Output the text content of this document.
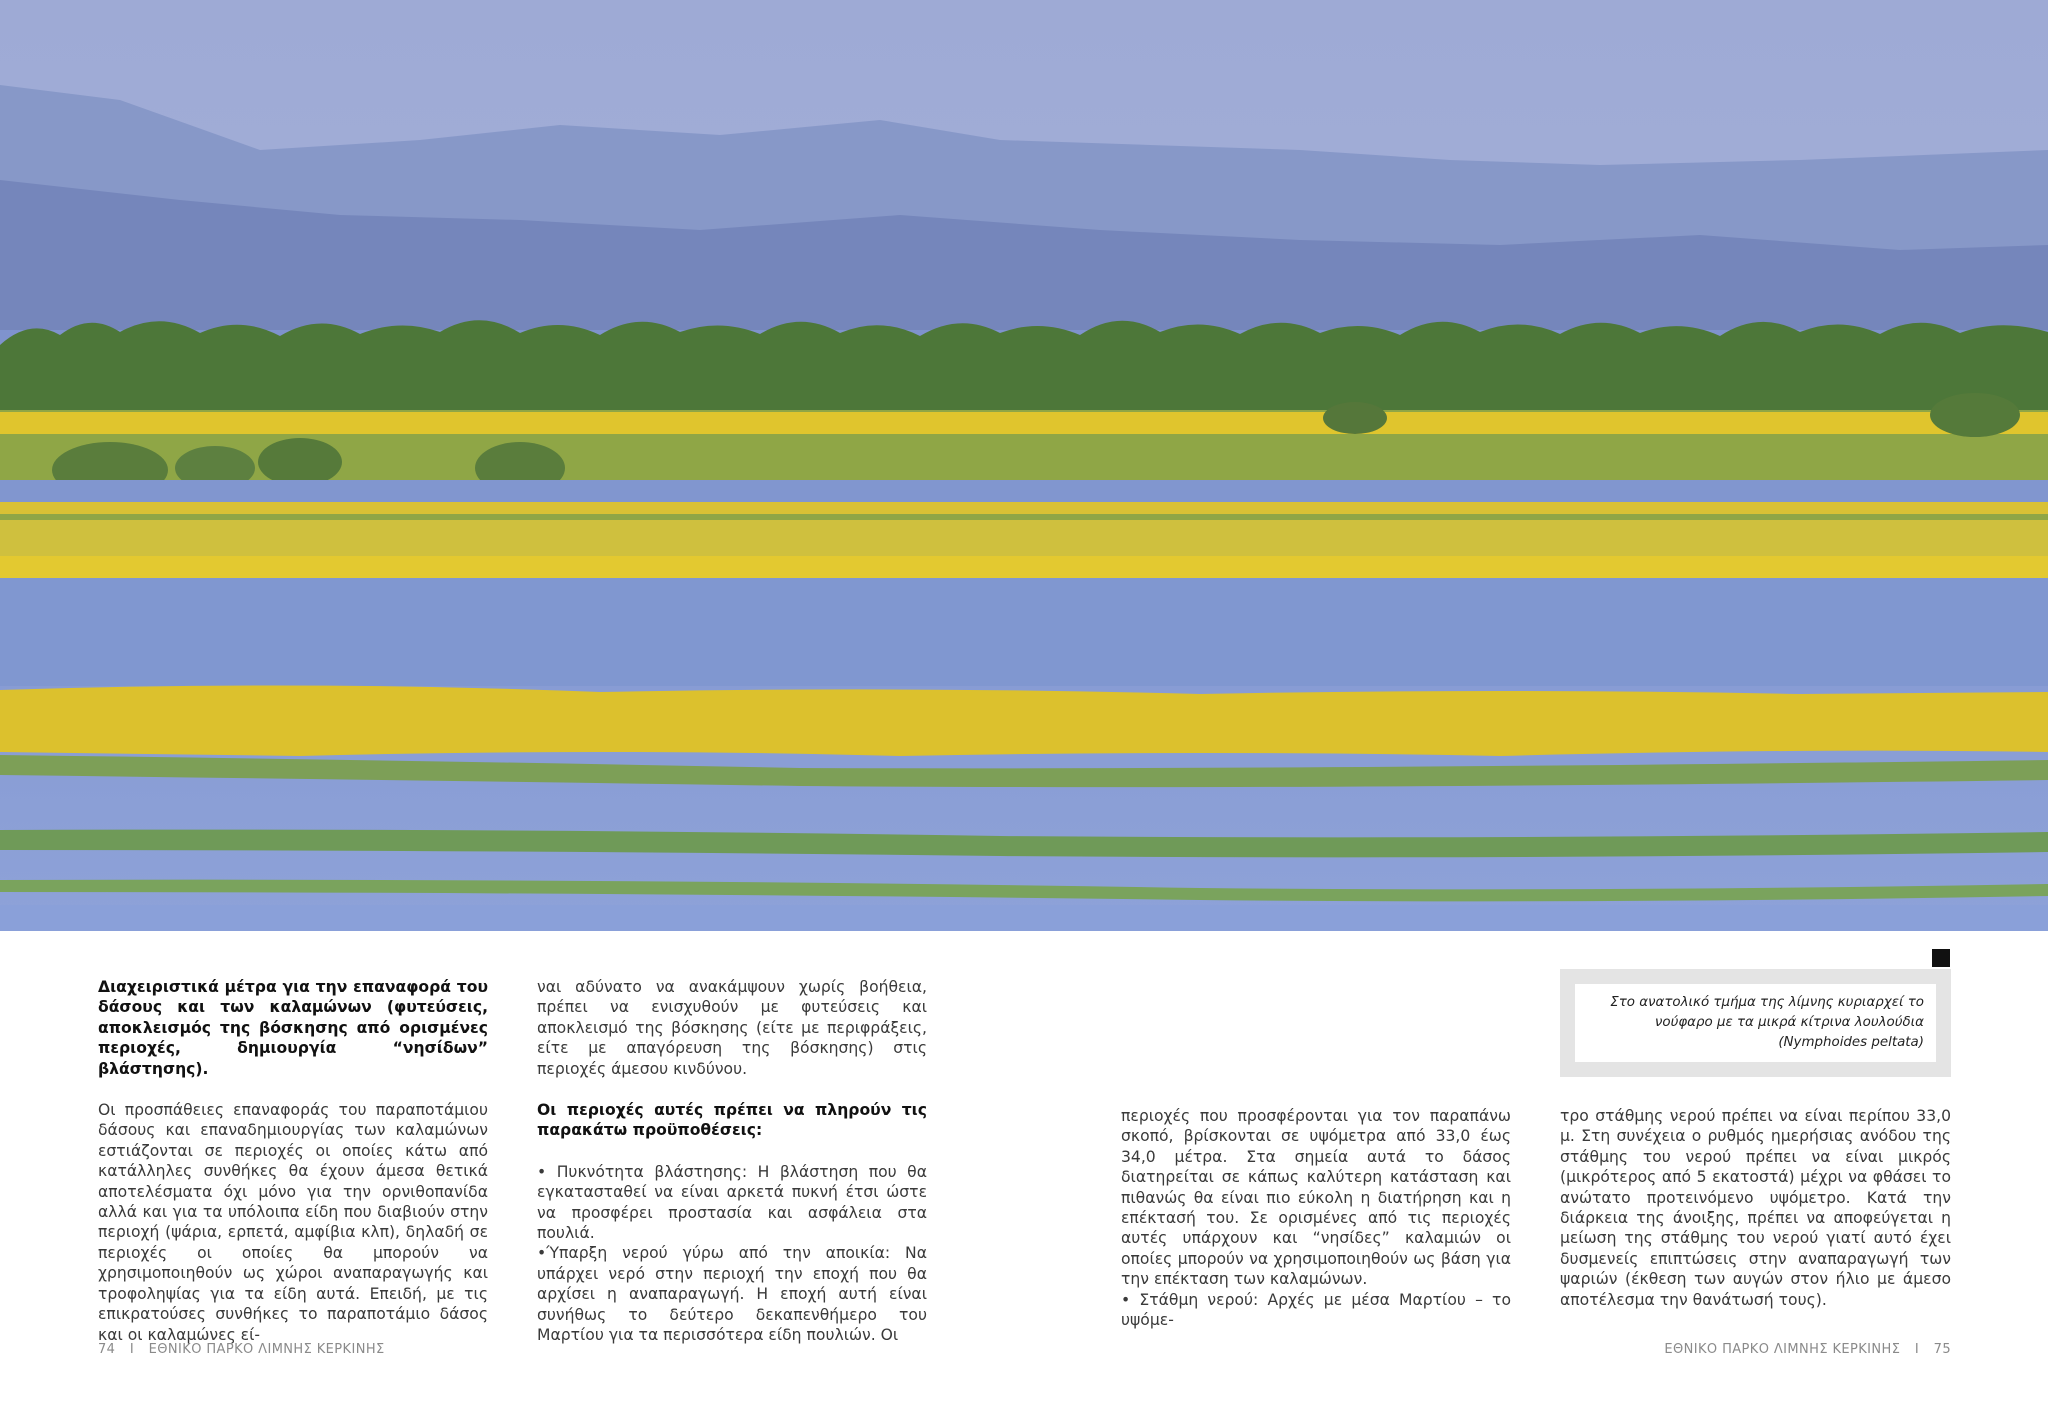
Διαχειριστικά μέτρα για την επαναφορά του δάσους και των καλαμώνων (φυτεύσεις, αποκλεισμός της βόσκησης από ορισμένες περιοχές, δημιουργία “νησίδων” βλάστησης).

Οι προσπάθειες επαναφοράς του παραποτάμιου δάσους και επαναδημιουργίας των καλαμώνων εστιάζονται σε περιοχές οι οποίες κάτω από κατάλληλες συνθήκες θα έχουν άμεσα θετικά αποτελέσματα όχι μόνο για την ορνιθοπανίδα αλλά και για τα υπόλοιπα είδη που διαβιούν στην περιοχή (ψάρια, ερπετά, αμφίβια κλπ), δηλαδή σε περιοχές οι οποίες θα μπορούν να χρησιμοποιηθούν ως χώροι αναπαραγωγής και τροφοληψίας για τα είδη αυτά. Επειδή, με τις επικρατούσες συνθήκες το παραποτάμιο δάσος και οι καλαμώνες εί-

ναι αδύνατο να ανακάμψουν χωρίς βοήθεια, πρέπει να ενισχυθούν με φυτεύσεις και αποκλεισμό της βόσκησης (είτε με περιφράξεις, είτε με απαγόρευση της βόσκησης) στις περιοχές άμεσου κινδύνου.

Οι περιοχές αυτές πρέπει να πληρούν τις παρακάτω προϋποθέσεις:

• Πυκνότητα βλάστησης: Η βλάστηση που θα εγκατασταθεί να είναι αρκετά πυκνή έτσι ώστε να προσφέρει προστασία και ασφάλεια στα πουλιά.

•Ύπαρξη νερού γύρω από την αποικία: Να υπάρχει νερό στην περιοχή την εποχή που θα αρχίσει η αναπαραγωγή. Η εποχή αυτή είναι συνήθως το δεύτερο δεκαπενθήμερο του Μαρτίου για τα περισσότερα είδη πουλιών. Οι

Στο ανατολικό τμήμα της λίμνης κυριαρχεί το νούφαρο με τα μικρά κίτρινα λουλούδια (Nymphoides peltata)

περιοχές που προσφέρονται για τον παραπάνω σκοπό, βρίσκονται σε υψόμετρα από 33,0 έως 34,0 μέτρα. Στα σημεία αυτά το δάσος διατηρείται σε κάπως καλύτερη κατάσταση και πιθανώς θα είναι πιο εύκολη η διατήρηση και η επέκτασή του. Σε ορισμένες από τις περιοχές αυτές υπάρχουν και “νησίδες” καλαμιών οι οποίες μπορούν να χρησιμοποιηθούν ως βάση για την επέκταση των καλαμώνων.

• Στάθμη νερού: Αρχές με μέσα Μαρτίου – το υψόμε-

τρο στάθμης νερού πρέπει να είναι περίπου 33,0 μ. Στη συνέχεια ο ρυθμός ημερήσιας ανόδου της στάθμης του νερού πρέπει να είναι μικρός (μικρότερος από 5 εκατοστά) μέχρι να φθάσει το ανώτατο προτεινόμενο υψόμετρο. Κατά την διάρκεια της άνοιξης, πρέπει να αποφεύγεται η μείωση της στάθμης του νερού γιατί αυτό έχει δυσμενείς επιπτώσεις στην αναπαραγωγή των ψαριών (έκθεση των αυγών στον ήλιο με άμεσο αποτέλεσμα την θανάτωσή τους).

74 I ΕΘΝΙΚΟ ΠΑΡΚΟ ΛΙΜΝΗΣ ΚΕΡΚΙΝΗΣ	ΕΘΝΙΚΟ ΠΑΡΚΟ ΛΙΜΝΗΣ ΚΕΡΚΙΝΗΣ I 75
